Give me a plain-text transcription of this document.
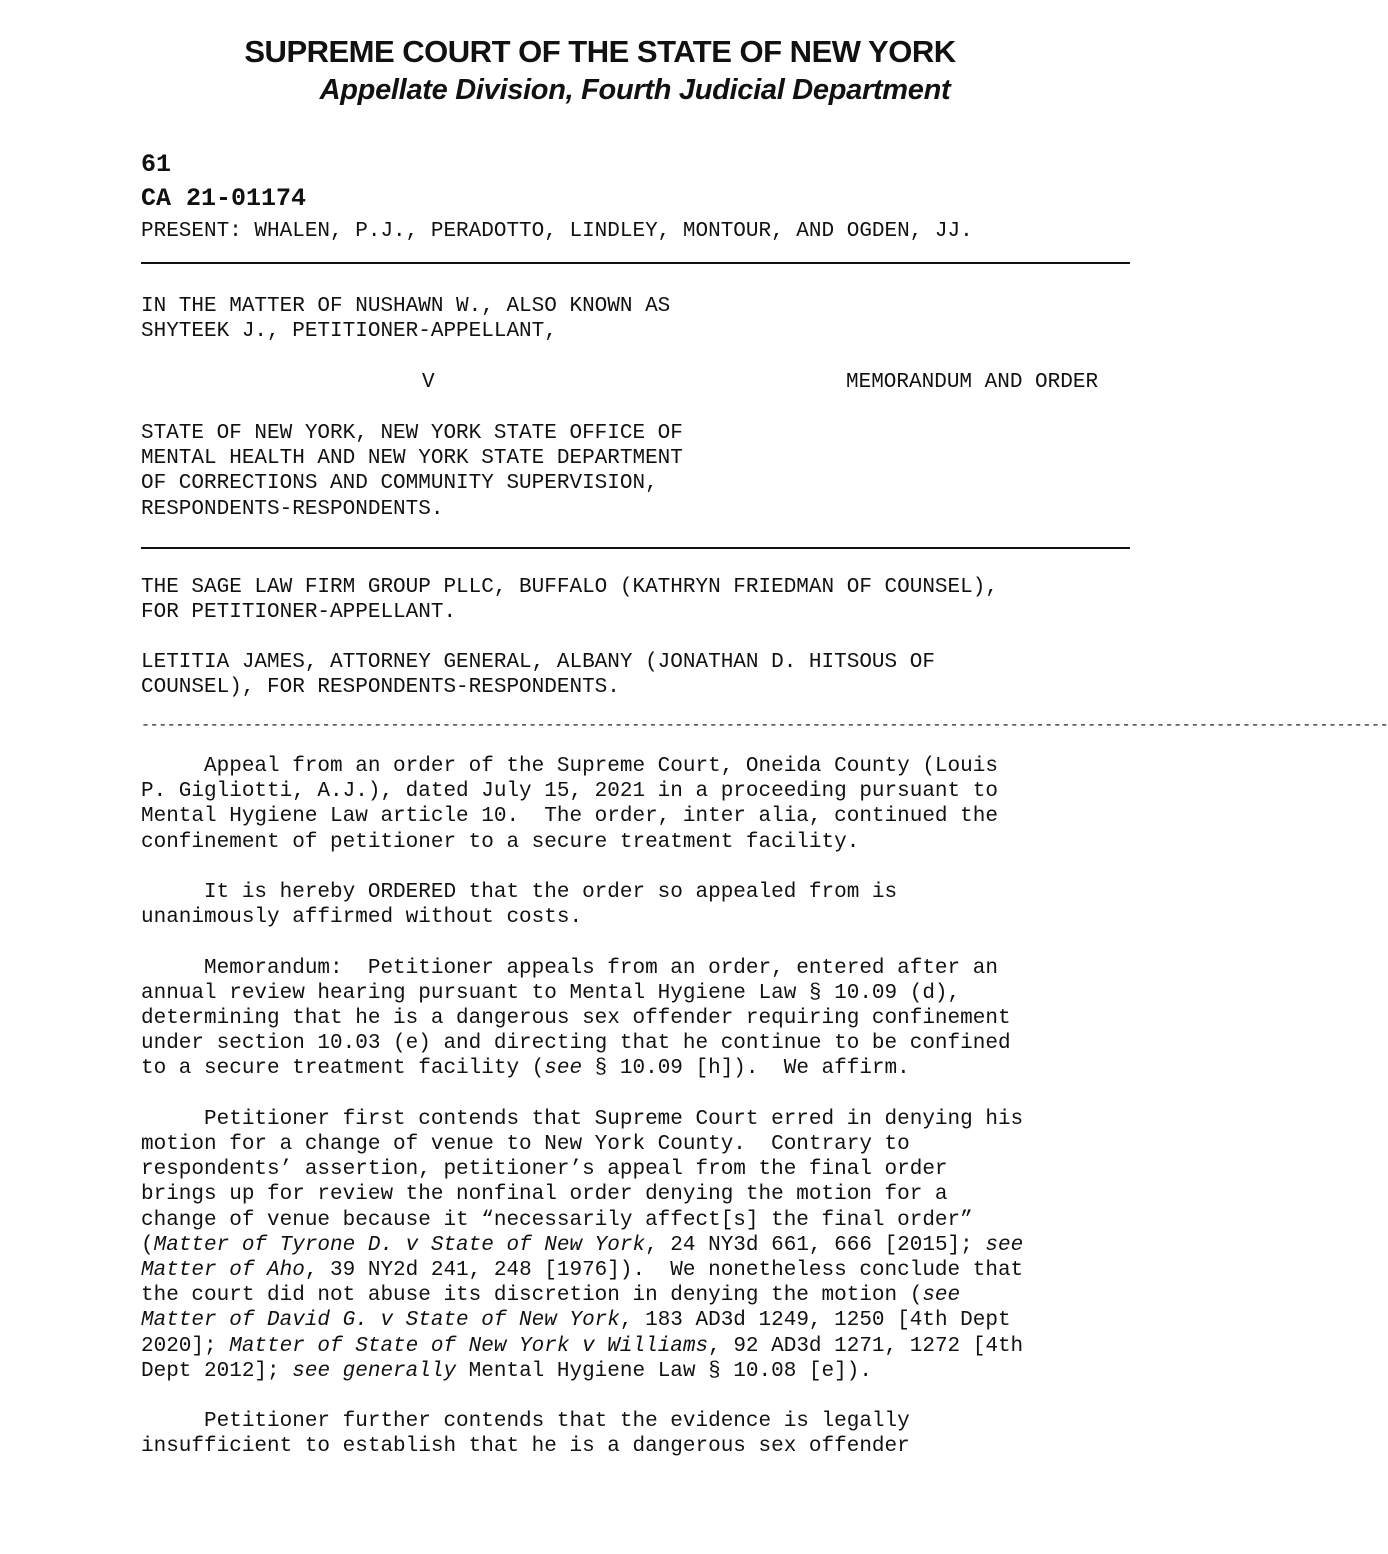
SUPREME COURT OF THE STATE OF NEW YORK
Appellate Division, Fourth Judicial Department

61

CA 21-01174

PRESENT: WHALEN, P.J., PERADOTTO, LINDLEY, MONTOUR, AND OGDEN, JJ.

IN THE MATTER OF NUSHAWN W., ALSO KNOWN AS
SHYTEEK J., PETITIONER-APPELLANT,

V	MEMORANDUM AND ORDER

STATE OF NEW YORK, NEW YORK STATE OFFICE OF
MENTAL HEALTH AND NEW YORK STATE DEPARTMENT
OF CORRECTIONS AND COMMUNITY SUPERVISION,
RESPONDENTS-RESPONDENTS.
THE SAGE LAW FIRM GROUP PLLC, BUFFALO (KATHRYN FRIEDMAN OF COUNSEL),
FOR PETITIONER-APPELLANT.
LETITIA JAMES, ATTORNEY GENERAL, ALBANY (JONATHAN D. HITSOUS OF
COUNSEL), FOR RESPONDENTS-RESPONDENTS.
-------------------------------------------------------------------------------------------------------------------------------------------------

Appeal from an order of the Supreme Court, Oneida County (Louis
P. Gigliotti, A.J.), dated July 15, 2021 in a proceeding pursuant to
Mental Hygiene Law article 10.  The order, inter alia, continued the
confinement of petitioner to a secure treatment facility.

It is hereby ORDERED that the order so appealed from is
unanimously affirmed without costs.

Memorandum:  Petitioner appeals from an order, entered after an
annual review hearing pursuant to Mental Hygiene Law § 10.09 (d),
determining that he is a dangerous sex offender requiring confinement
under section 10.03 (e) and directing that he continue to be confined
to a secure treatment facility (see § 10.09 [h]).  We affirm.

Petitioner first contends that Supreme Court erred in denying his
motion for a change of venue to New York County.  Contrary to
respondents’ assertion, petitioner’s appeal from the final order
brings up for review the nonfinal order denying the motion for a
change of venue because it “necessarily affect[s] the final order”
(Matter of Tyrone D. v State of New York, 24 NY3d 661, 666 [2015]; see
Matter of Aho, 39 NY2d 241, 248 [1976]).  We nonetheless conclude that
the court did not abuse its discretion in denying the motion (see
Matter of David G. v State of New York, 183 AD3d 1249, 1250 [4th Dept
2020]; Matter of State of New York v Williams, 92 AD3d 1271, 1272 [4th
Dept 2012]; see generally Mental Hygiene Law § 10.08 [e]).

Petitioner further contends that the evidence is legally
insufficient to establish that he is a dangerous sex offender
